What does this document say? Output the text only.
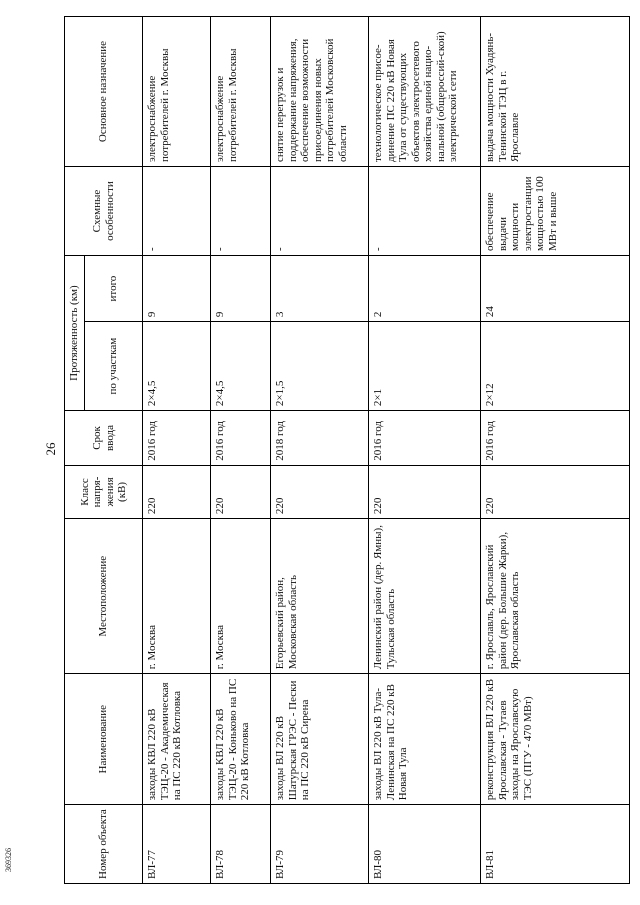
26
369326	Номер объекта	Наименование	Местоположение	Класс напря-жения (кВ)	Срок ввода	Протяженность (км)		Схемные особенности	Основное назначение
					по участкам	итого		
ВЛ-77	заходы КВЛ 220 кВ ТЭЦ-20 - Академическая на ПС 220 кВ Котловка	г. Москва	220	2016 год	2×4,5	9	-	электроснабжение потребителей г. Москвы
ВЛ-78	заходы КВЛ 220 кВ ТЭЦ-20 - Коньково на ПС 220 кВ Котловка	г. Москва	220	2016 год	2×4,5	9	-	электроснабжение потребителей г. Москвы
ВЛ-79	заходы ВЛ 220 кВ Шатурская ГРЭС - Пески на ПС 220 кВ Сирена	Егорьевский район, Московская область	220	2018 год	2×1,5	3	-	снятие перегрузок и поддержание напряжения, обеспечение возможности присоединения новых потребителей Московской области
ВЛ-80	заходы ВЛ 220 кВ Тула-Ленинская на ПС 220 кВ Новая Тула	Ленинский район (дер. Ямны), Тульская область	220	2016 год	2×1	2	-	технологическое присое-динение ПС 220 кВ Новая Тула от существующих объектов электросетевого хозяйства единой нацио-нальной (общероссий-ской) электрической сети
ВЛ-81	реконструкция ВЛ 220 кВ Ярославская - Тутаев заходы на Ярославскую ТЭС (ПГУ - 470 МВт)	г. Ярославль, Ярославский район (дер. Большие Жарки), Ярославская область	220	2016 год	2×12	24	обеспечение выдачи мощности электростанции мощностью 100 МВт и выше	выдача мощности Хуадянь-Тенинской ТЭЦ в г. Ярославле
